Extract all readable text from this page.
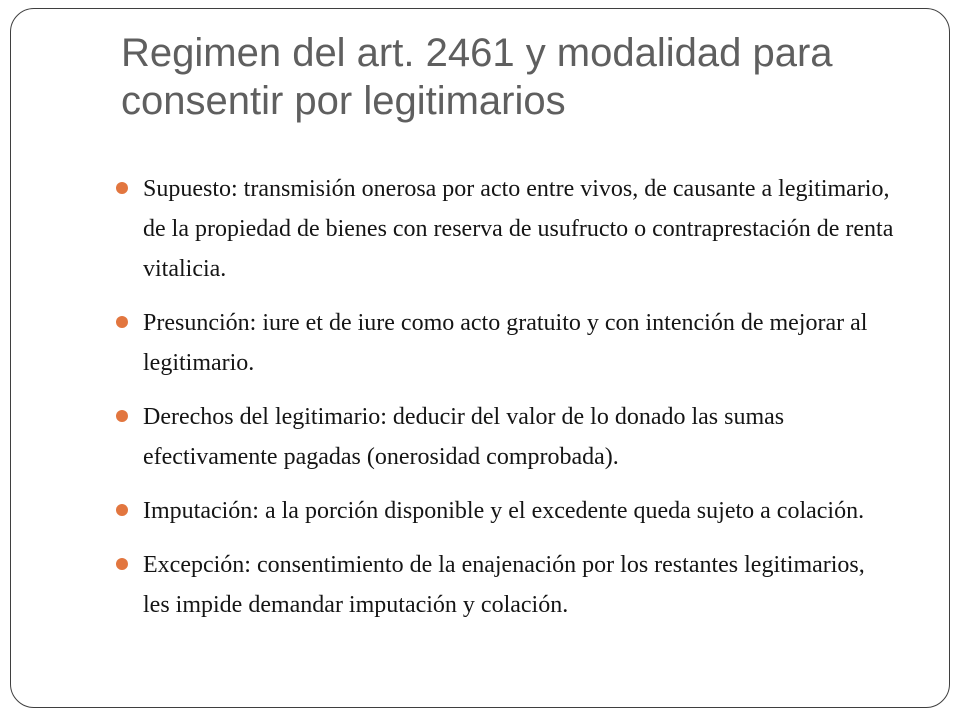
Regimen del art. 2461 y modalidad para consentir por legitimarios
Supuesto: transmisión onerosa por acto entre vivos, de causante a legitimario, de la propiedad de bienes con reserva de usufructo o contraprestación de renta vitalicia.
Presunción: iure et de iure como acto gratuito y con intención de mejorar al legitimario.
Derechos del legitimario: deducir del valor de lo donado las sumas efectivamente pagadas (onerosidad comprobada).
Imputación: a la porción disponible y el excedente queda sujeto a colación.
Excepción: consentimiento de la enajenación por los restantes legitimarios, les impide demandar imputación y colación.
